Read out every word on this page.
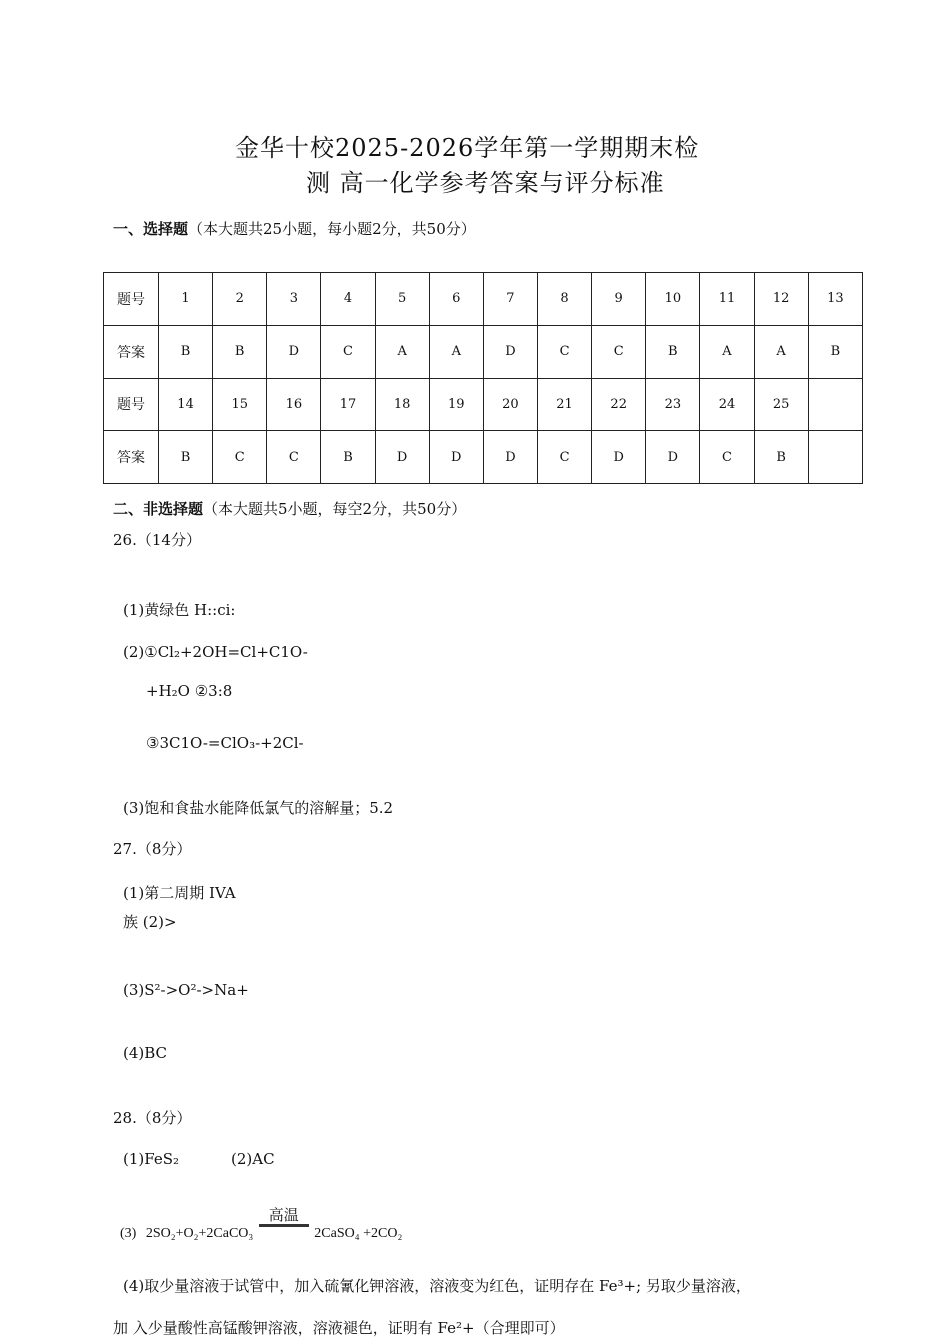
金华十校2025-2026学年第一学期期末检
测 高一化学参考答案与评分标准
一、选择题（本大题共25小题，每小题2分，共50分）
题号	1	2	3	4	5	6	7	8	9	10	11	12	13
答案	B	B	D	C	A	A	D	C	C	B	A	A	B
题号	14	15	16	17	18	19	20	21	22	23	24	25	
答案	B	C	C	B	D	D	D	C	D	D	C	B	
二、非选择题（本大题共5小题，每空2分，共50分）
26.（14分）
(1)黄绿色 H::ci:
(2)①Cl₂+2OH=Cl+C1O-
+H₂O ②3:8
③3C1O-=ClO₃-+2Cl-
(3)饱和食盐水能降低氯气的溶解量；5.2
27.（8分）
(1)第二周期 IVA
族 (2)>
(3)S²->O²->Na+
(4)BC
28.（8分）
(1)FeS₂	(2)AC
(3) 2SO₂+O₂+2CaCO₃
高温
2CaSO₄ +2CO₂
(4)取少量溶液于试管中，加入硫氰化钾溶液，溶液变为红色，证明存在 Fe³+; 另取少量溶液，
加 入少量酸性高锰酸钾溶液，溶液褪色，证明有 Fe²+（合理即可）
